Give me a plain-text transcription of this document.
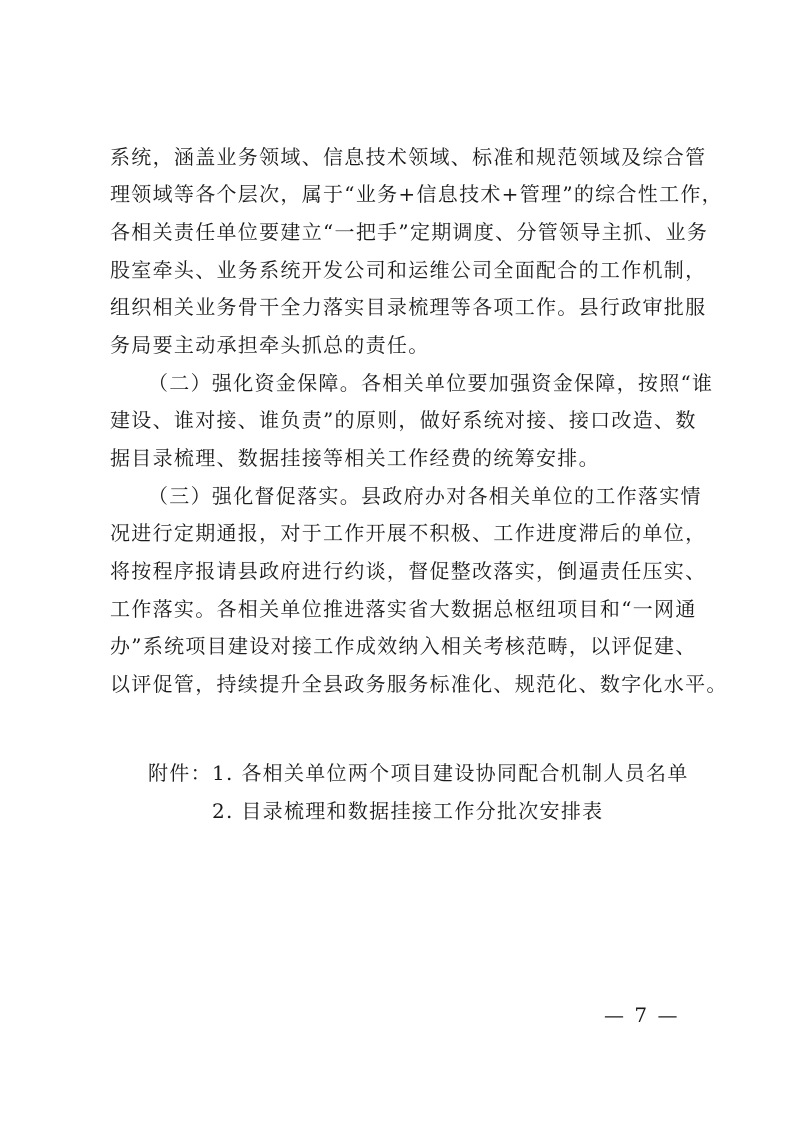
系统，涵盖业务领域、信息技术领域、标准和规范领域及综合管
理领域等各个层次，属于“业务+信息技术+管理”的综合性工作，
各相关责任单位要建立“一把手”定期调度、分管领导主抓、业务
股室牵头、业务系统开发公司和运维公司全面配合的工作机制，
组织相关业务骨干全力落实目录梳理等各项工作。县行政审批服
务局要主动承担牵头抓总的责任。
（二）强化资金保障。各相关单位要加强资金保障，按照“谁
建设、谁对接、谁负责”的原则，做好系统对接、接口改造、数
据目录梳理、数据挂接等相关工作经费的统筹安排。
（三）强化督促落实。县政府办对各相关单位的工作落实情
况进行定期通报，对于工作开展不积极、工作进度滞后的单位，
将按程序报请县政府进行约谈，督促整改落实，倒逼责任压实、
工作落实。各相关单位推进落实省大数据总枢纽项目和“一网通
办”系统项目建设对接工作成效纳入相关考核范畴，以评促建、
以评促管，持续提升全县政务服务标准化、规范化、数字化水平。
附件： 1. 各相关单位两个项目建设协同配合机制人员名单
2. 目录梳理和数据挂接工作分批次安排表
— 7 —
